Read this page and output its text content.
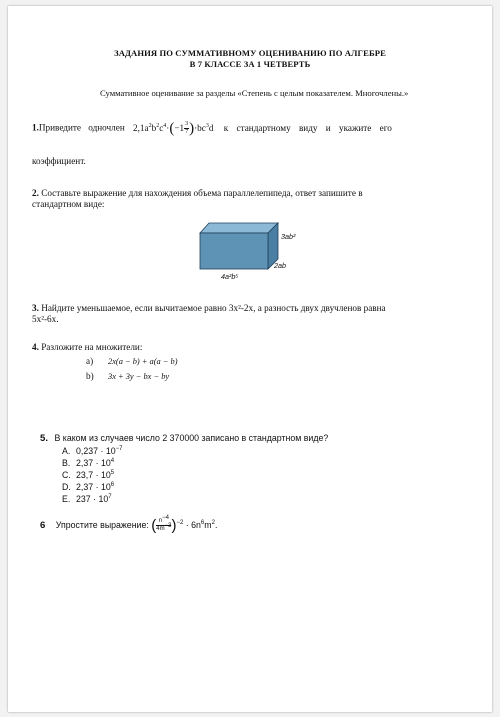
ЗАДАНИЯ ПО СУММАТИВНОМУ ОЦЕНИВАНИЮ ПО АЛГЕБРЕ
В 7 КЛАССЕ ЗА 1 ЧЕТВЕРТЬ
Суммативное оценивание за разделы «Степень с целым показателем. Многочлены.»
1.Приведите одночлен $2,1a^2b^2c^4\cdot(-1 \frac{3}{7} )\cdot bc^3d$ к стандартному виду и укажите его
коэффициент.
2. Составьте выражение для нахождения объема параллелепипеда, ответ запишите в
стандартном виде:
3ab²
2ab
4a²b⁵
3. Найдите уменьшаемое, если вычитаемое равно 3x²-2x, а разность двух двучленов равна
5x²-6x.
4. Разложите на множители:
a) 2x(a − b) + a(a − b)
b) 3x + 3y − bx − by
5. В каком из случаев число 2 370000 записано в стандартном виде?
A. $0,237 \cdot 10^{-7}$
B. $2,37 \cdot 10^4$
C. $23,7 \cdot 10^5$
D. $2,37 \cdot 10^6$
E. $237 \cdot 10^7$
6 Упростите выражение: ( $\frac{n^{-4}}{4m^{-3}} )^{-2} \cdot 6n^6m^2$.
